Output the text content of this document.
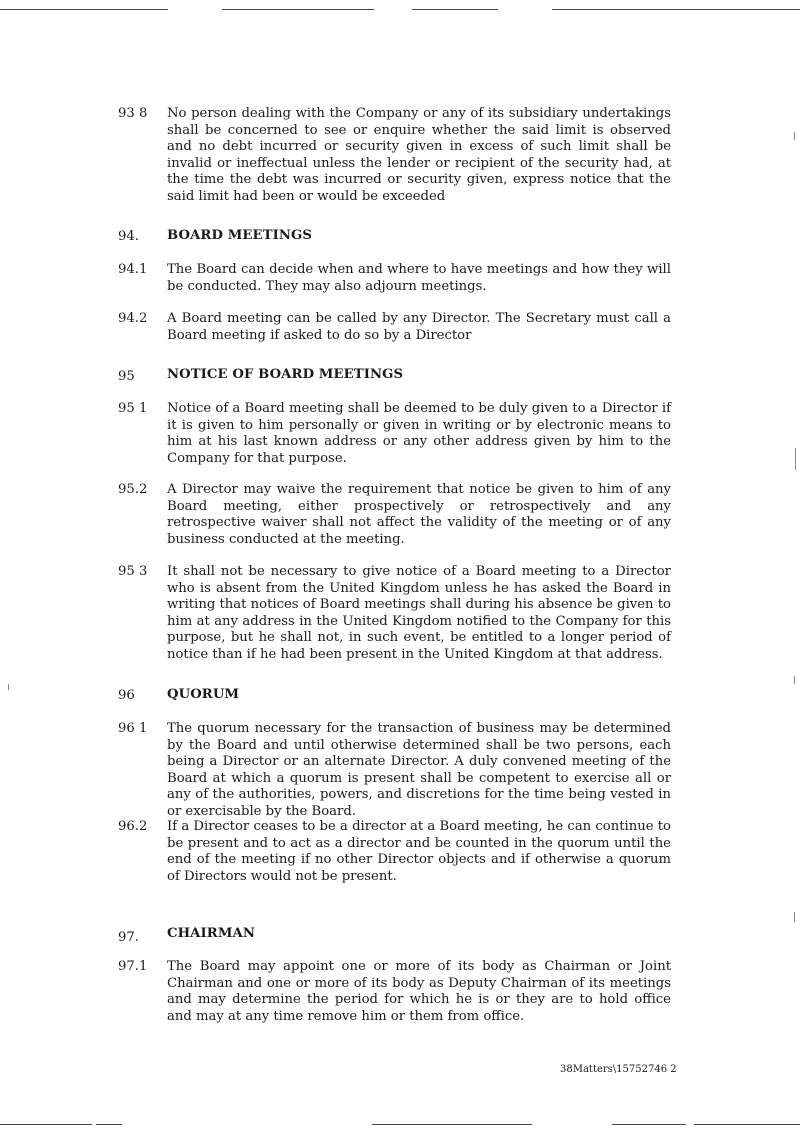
93 8 No person dealing with the Company or any of its subsidiary undertakings shall be concerned to see or enquire whether the said limit is observed and no debt incurred or security given in excess of such limit shall be invalid or ineffectual unless the lender or recipient of the security had, at the time the debt was incurred or security given, express notice that the said limit had been or would be exceeded
94. BOARD MEETINGS
94.1 The Board can decide when and where to have meetings and how they will be conducted. They may also adjourn meetings.
94.2 A Board meeting can be called by any Director. The Secretary must call a Board meeting if asked to do so by a Director
95 NOTICE OF BOARD MEETINGS
95 1 Notice of a Board meeting shall be deemed to be duly given to a Director if it is given to him personally or given in writing or by electronic means to him at his last known address or any other address given by him to the Company for that purpose.
95.2 A Director may waive the requirement that notice be given to him of any Board meeting, either prospectively or retrospectively and any retrospective waiver shall not affect the validity of the meeting or of any business conducted at the meeting.
95 3 It shall not be necessary to give notice of a Board meeting to a Director who is absent from the United Kingdom unless he has asked the Board in writing that notices of Board meetings shall during his absence be given to him at any address in the United Kingdom notified to the Company for this purpose, but he shall not, in such event, be entitled to a longer period of notice than if he had been present in the United Kingdom at that address.
96 QUORUM
96 1 The quorum necessary for the transaction of business may be determined by the Board and until otherwise determined shall be two persons, each being a Director or an alternate Director. A duly convened meeting of the Board at which a quorum is present shall be competent to exercise all or any of the authorities, powers, and discretions for the time being vested in or exercisable by the Board.
96.2 If a Director ceases to be a director at a Board meeting, he can continue to be present and to act as a director and be counted in the quorum until the end of the meeting if no other Director objects and if otherwise a quorum of Directors would not be present.
97. CHAIRMAN
97.1 The Board may appoint one or more of its body as Chairman or Joint Chairman and one or more of its body as Deputy Chairman of its meetings and may determine the period for which he is or they are to hold office and may at any time remove him or them from office.
38Matters\15752746 2
